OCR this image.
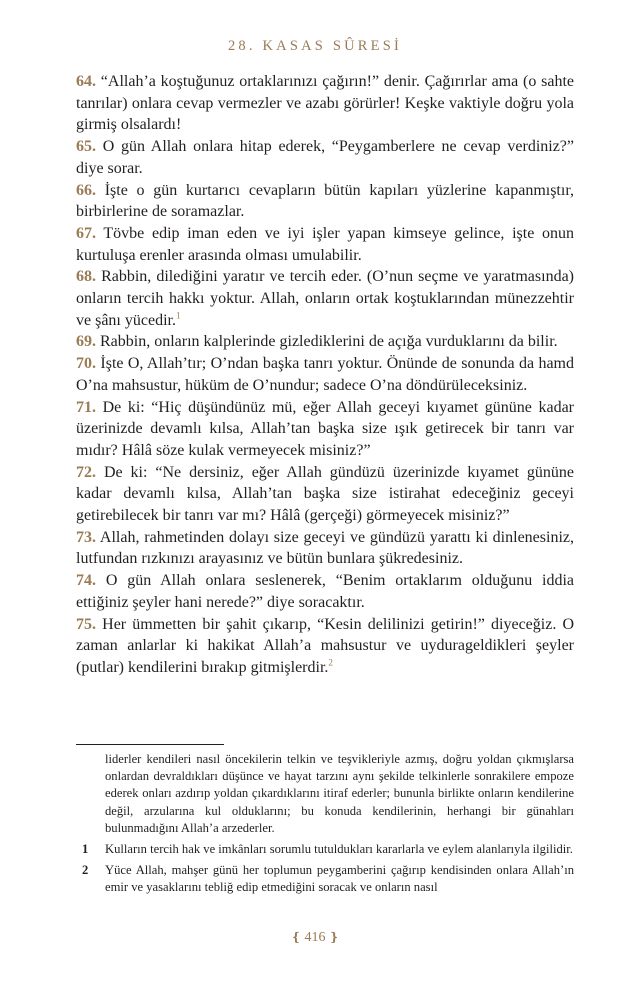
28. KASAS SÛRESİ

64. “Allah’a koştuğunuz ortaklarınızı çağırın!” denir. Çağırırlar ama (o sahte tanrılar) onlara cevap vermezler ve azabı görürler! Keşke vaktiyle doğru yola girmiş olsalardı!

65. O gün Allah onlara hitap ederek, “Peygamberlere ne cevap verdiniz?” diye sorar.

66. İşte o gün kurtarıcı cevapların bütün kapıları yüzlerine kapanmıştır, birbirlerine de soramazlar.

67. Tövbe edip iman eden ve iyi işler yapan kimseye gelince, işte onun kurtuluşa erenler arasında olması umulabilir.

68. Rabbin, dilediğini yaratır ve tercih eder. (O’nun seçme ve yaratmasında) onların tercih hakkı yoktur. Allah, onların ortak koştuklarından münezzehtir ve şânı yücedir.$^1$

69. Rabbin, onların kalplerinde gizlediklerini de açığa vurduklarını da bilir.

70. İşte O, Allah’tır; O’ndan başka tanrı yoktur. Önünde de sonunda da hamd O’na mahsustur, hüküm de O’nundur; sadece O’na döndürüleceksiniz.

71. De ki: “Hiç düşündünüz mü, eğer Allah geceyi kıyamet gününe kadar üzerinizde devamlı kılsa, Allah’tan başka size ışık getirecek bir tanrı var mıdır? Hâlâ söze kulak vermeyecek misiniz?”

72. De ki: “Ne dersiniz, eğer Allah gündüzü üzerinizde kıyamet gününe kadar devamlı kılsa, Allah’tan başka size istirahat edeceğiniz geceyi getirebilecek bir tanrı var mı? Hâlâ (gerçeği) görmeyecek misiniz?”

73. Allah, rahmetinden dolayı size geceyi ve gündüzü yarattı ki dinlenesiniz, lutfundan rızkınızı arayasınız ve bütün bunlara şükredesiniz.

74. O gün Allah onlara seslenerek, “Benim ortaklarım olduğunu iddia ettiğiniz şeyler hani nerede?” diye soracaktır.

75. Her ümmetten bir şahit çıkarıp, “Kesin delilinizi getirin!” diyeceğiz. O zaman anlarlar ki hakikat Allah’a mahsustur ve uydurageldikleri şeyler (putlar) kendilerini bırakıp gitmişlerdir.$^2$

liderler kendileri nasıl öncekilerin telkin ve teşvikleriyle azmış, doğru yoldan çıkmışlarsa onlardan devraldıkları düşünce ve hayat tarzını aynı şekilde telkinlerle sonrakilere empoze ederek onları azdırıp yoldan çıkardıklarını itiraf ederler; bununla birlikte onların kendilerine değil, arzularına kul olduklarını; bu konuda kendilerinin, herhangi bir günahları bulunmadığını Allah’a arzederler.

1 Kulların tercih hak ve imkânları sorumlu tutuldukları kararlarla ve eylem alanlarıyla ilgilidir.

2 Yüce Allah, mahşer günü her toplumun peygamberini çağırıp kendisinden onlara Allah’ın emir ve yasaklarını tebliğ edip etmediğini soracak ve onların nasıl

❴ 416 ❵
